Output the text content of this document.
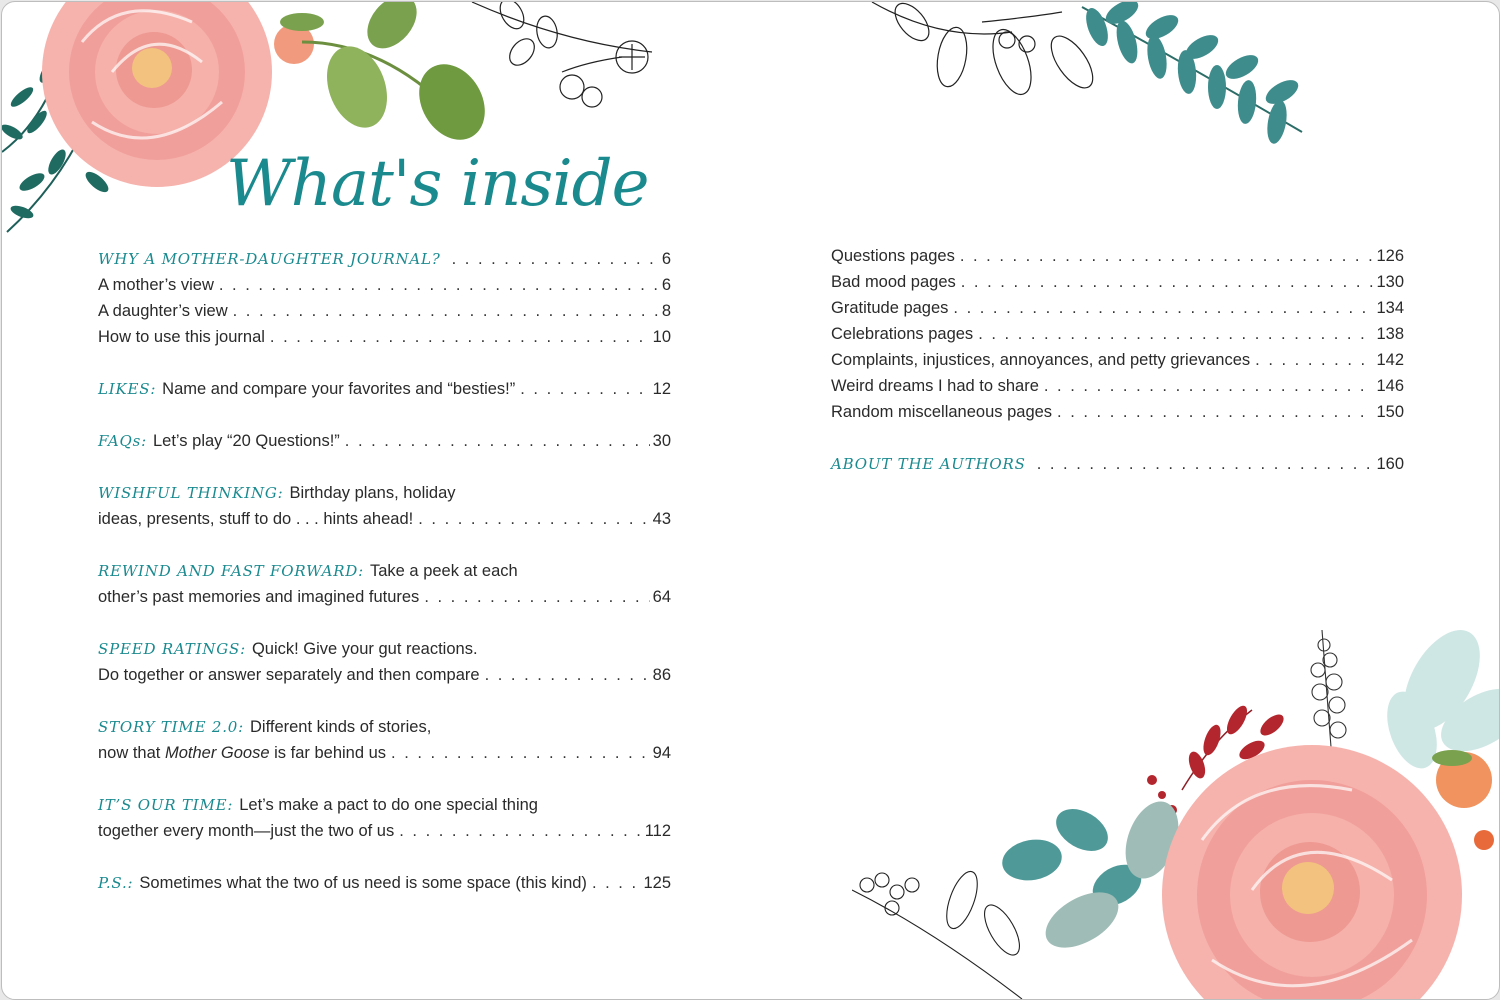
What's inside
WHY A MOTHER-DAUGHTER JOURNAL? . . .	6
A mother’s view . . .	6
A daughter’s view . . .	8
How to use this journal . . .	10
LIKES: Name and compare your favorites and “besties!” . . .	12
FAQs: Let’s play “20 Questions!” . . .	30
WISHFUL THINKING: Birthday plans, holiday
ideas, presents, stuff to do . . . hints ahead! . . .	43
REWIND AND FAST FORWARD: Take a peek at each
other’s past memories and imagined futures . . .	64
SPEED RATINGS: Quick! Give your gut reactions.
Do together or answer separately and then compare . . .	86
STORY TIME 2.0: Different kinds of stories,
now that
Mother Goose
is far behind us . . .	94
IT’S OUR TIME: Let’s make a pact to do one special thing
together every month—just the two of us . . .	112
P.S.: Sometimes what the two of us need is some space (this kind) . . .	125
Questions pages . . .	126
Bad mood pages . . .	130
Gratitude pages . . .	134
Celebrations pages . . .	138
Complaints, injustices, annoyances, and petty grievances . . .	142
Weird dreams I had to share . . .	146
Random miscellaneous pages . . .	150
ABOUT THE AUTHORS . . .	160
